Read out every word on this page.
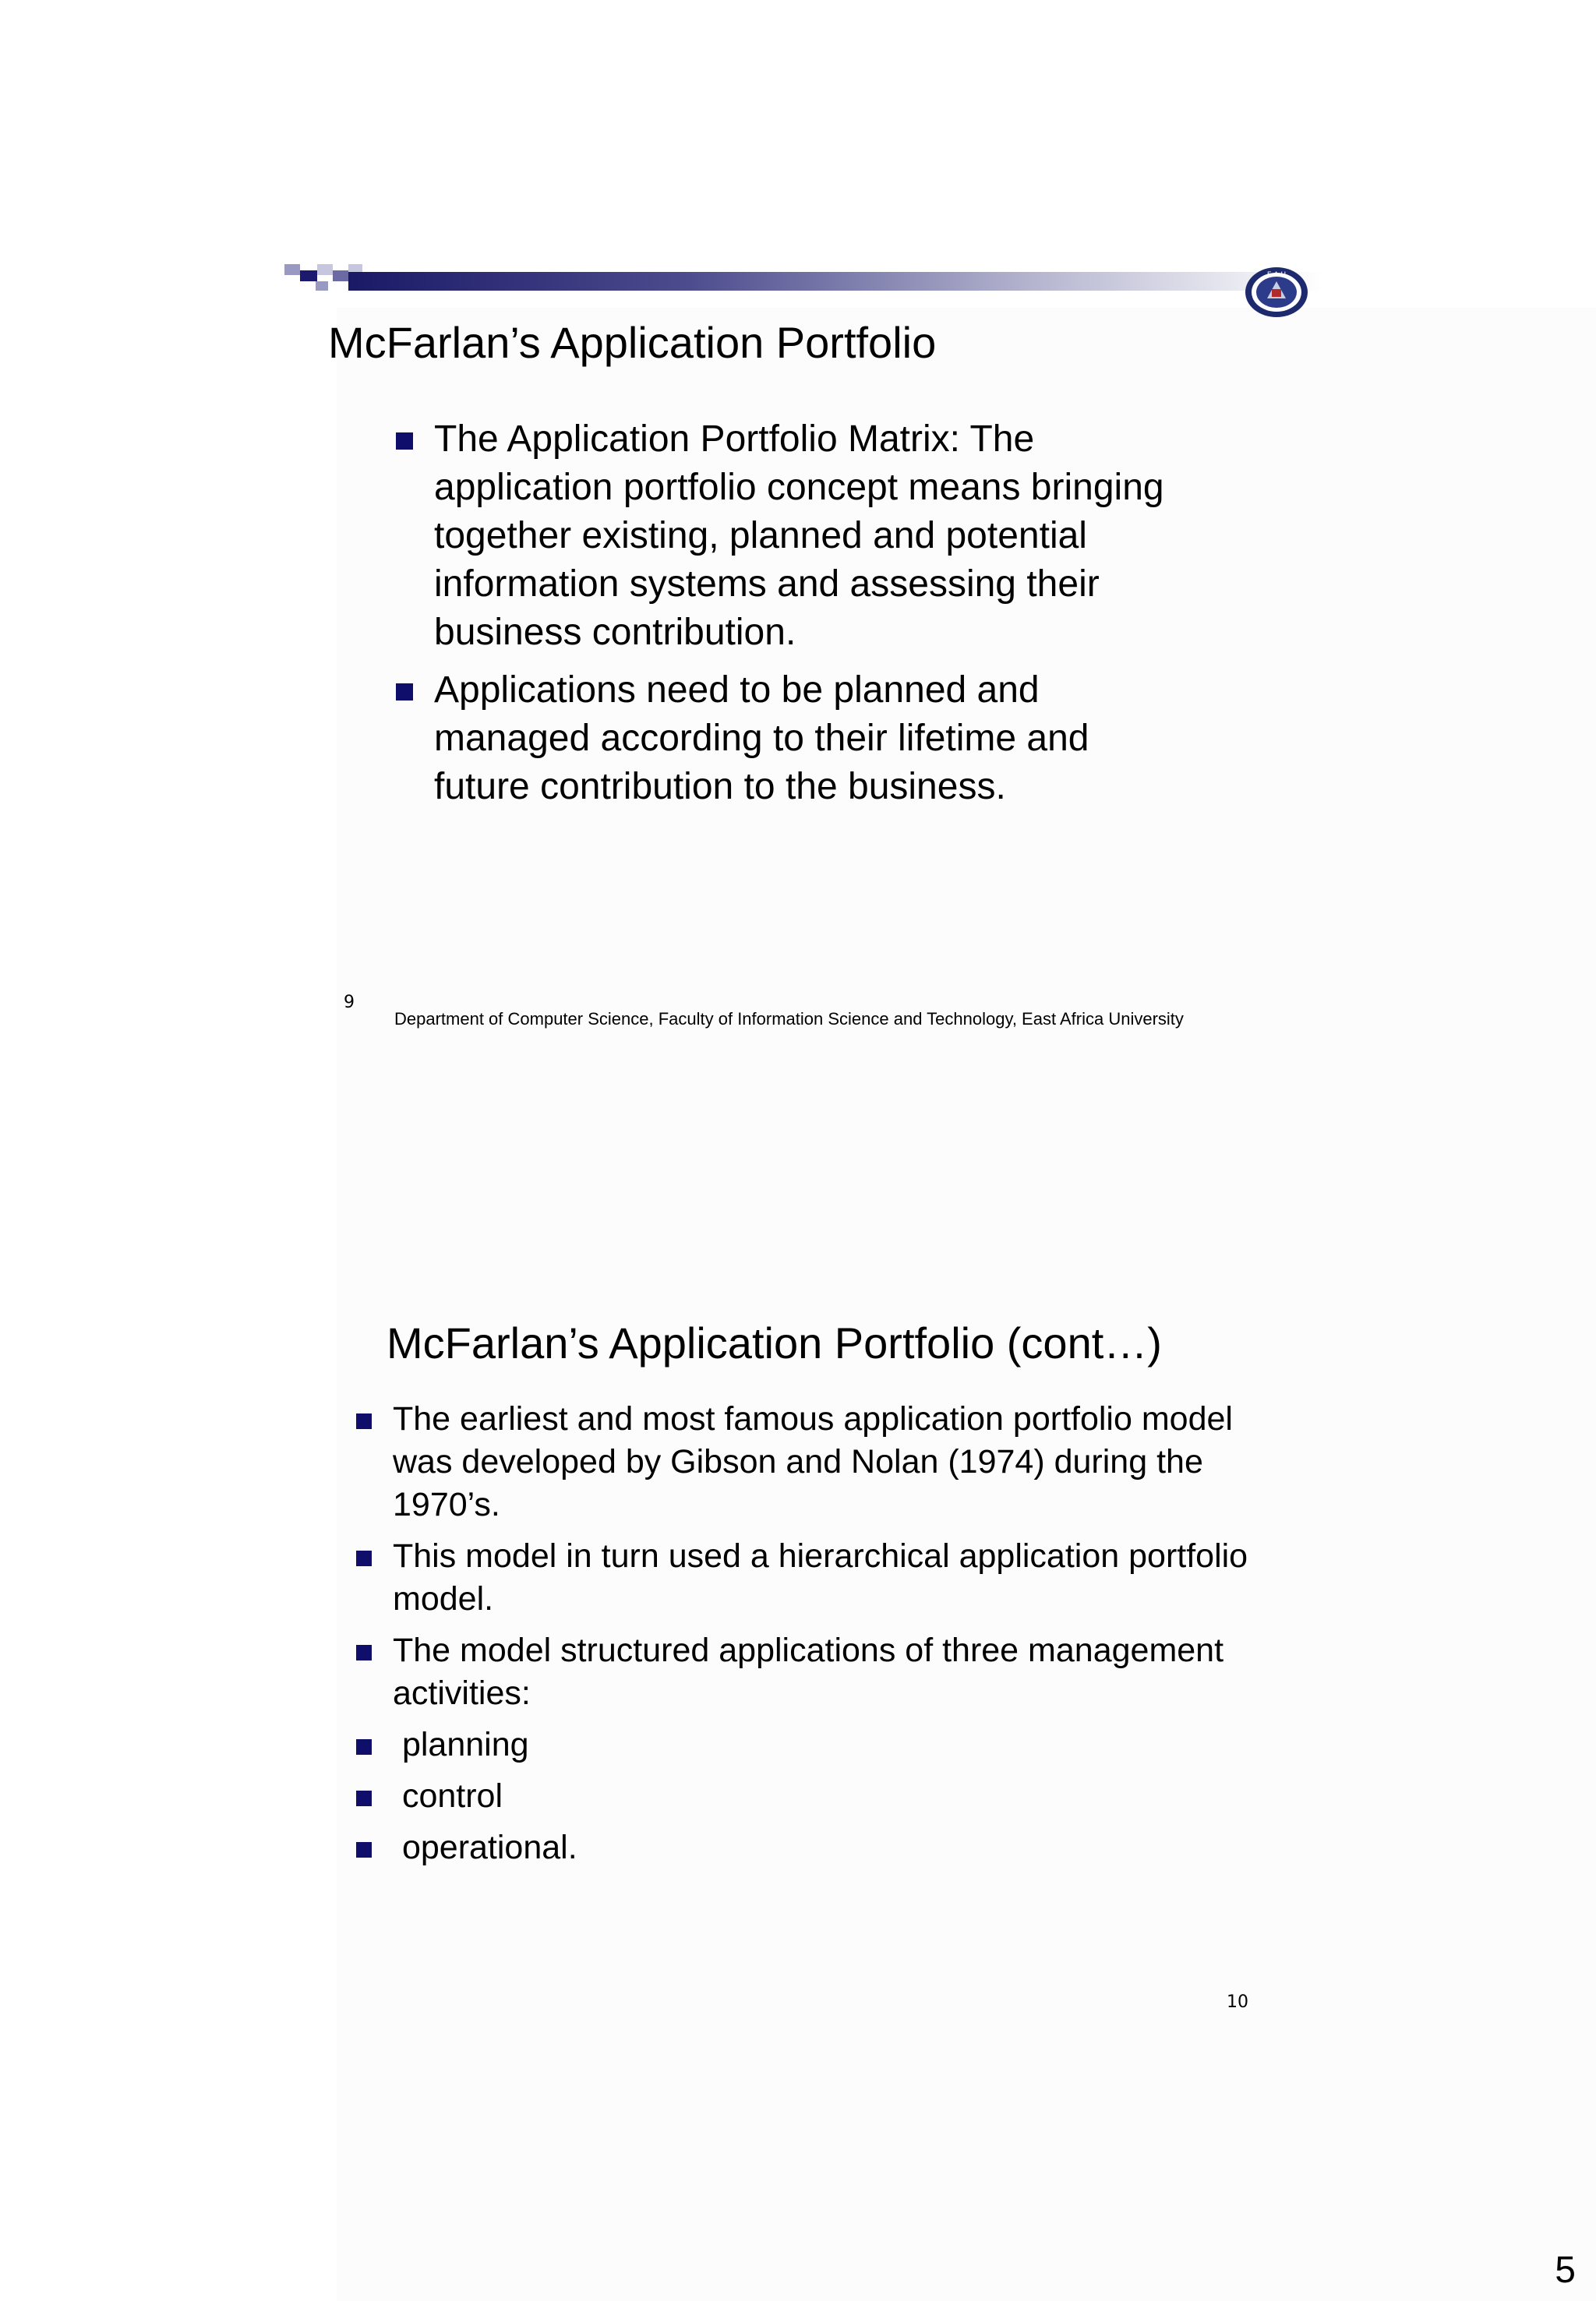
E A U
McFarlan’s Application Portfolio
The Application Portfolio Matrix: The application portfolio concept means bringing together existing, planned and potential information systems and assessing their business contribution.
Applications need to be planned and managed according to their lifetime and future contribution to the business.
9
Department of Computer Science, Faculty of Information Science and Technology, East Africa University
McFarlan’s Application Portfolio (cont…)
The earliest and most famous application portfolio model was developed by Gibson and Nolan (1974) during the 1970’s.
This model in turn used a hierarchical application portfolio model.
The model structured applications of three management activities:
planning
control
operational.
10
5
